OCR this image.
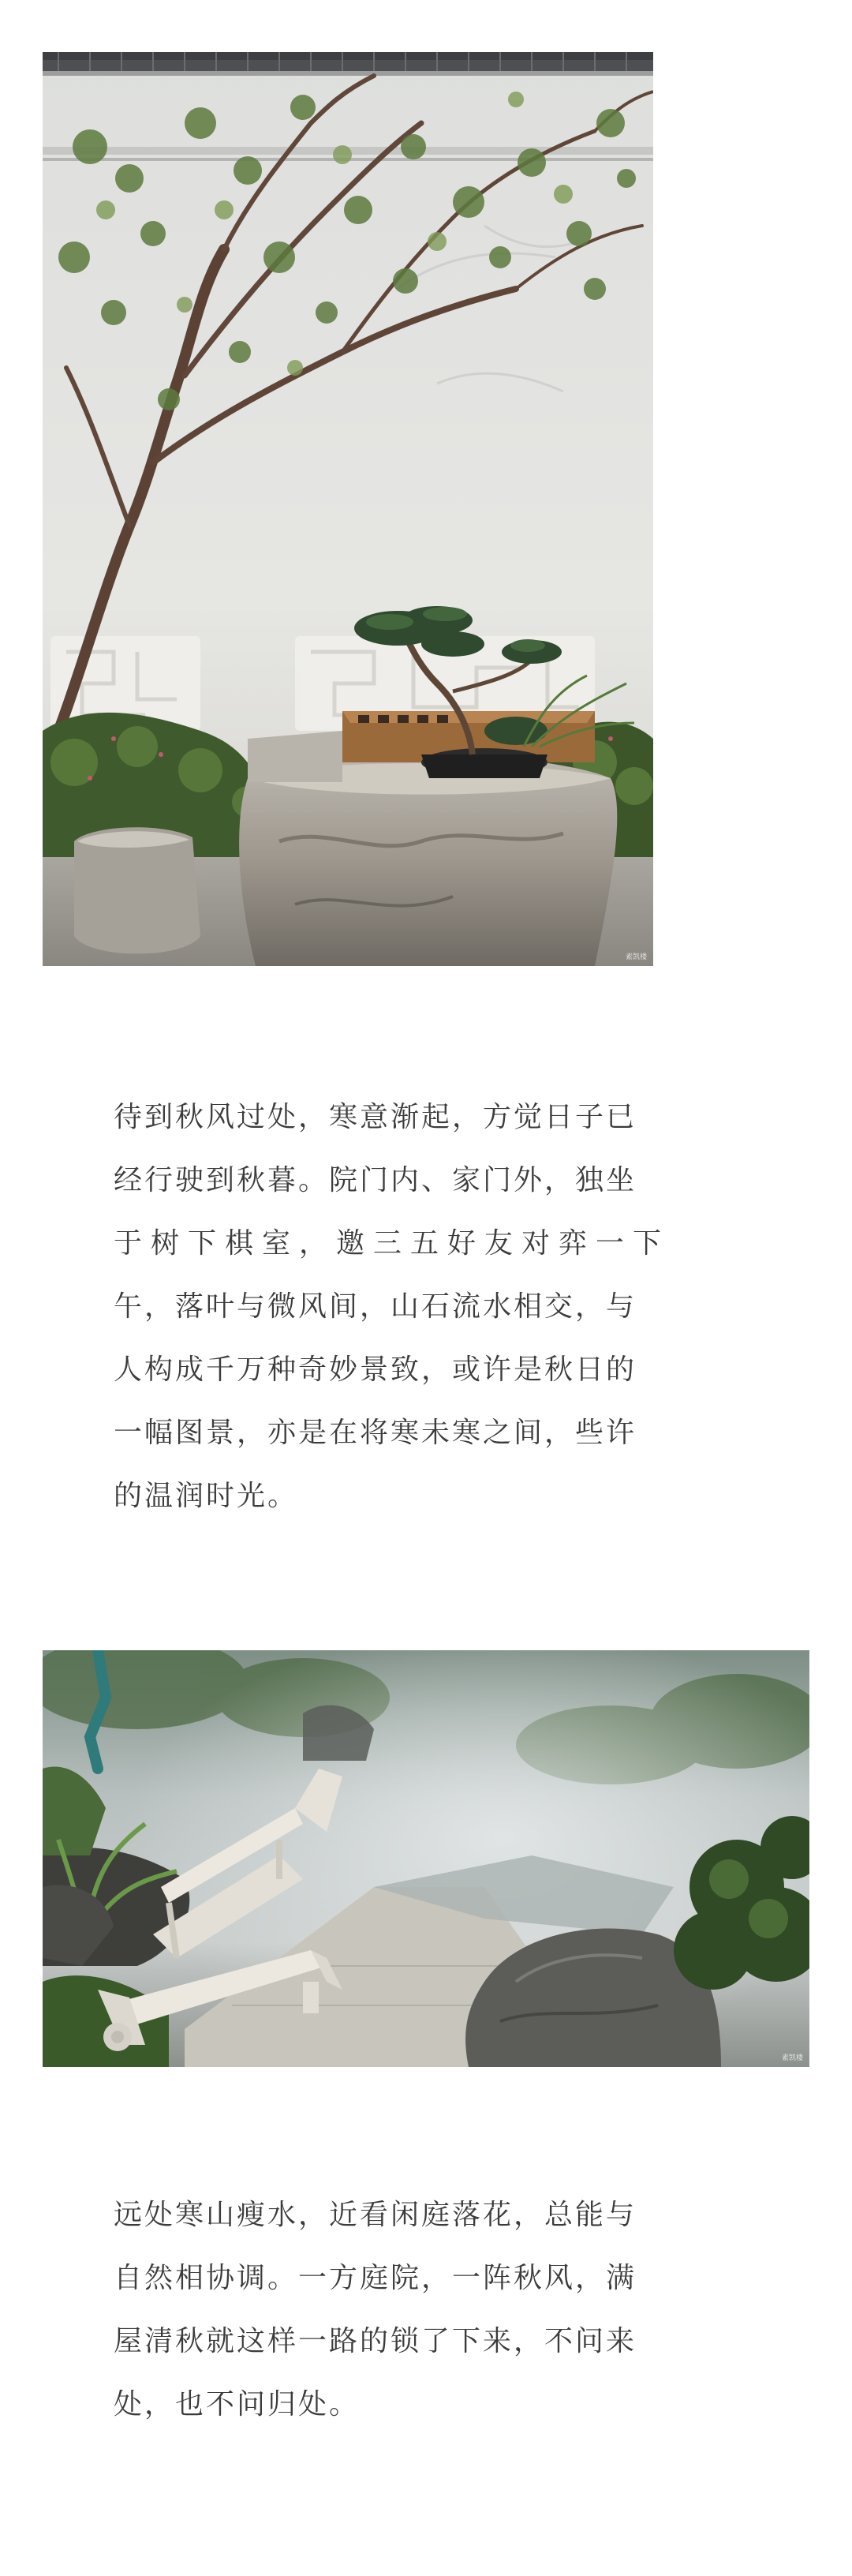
素凯楼
待到秋风过处，寒意渐起，方觉日子已
经行驶到秋暮。院门内、家门外，独坐
于树下棋室，邀三五好友对弈一下
午，落叶与微风间，山石流水相交，与
人构成千万种奇妙景致，或许是秋日的
一幅图景，亦是在将寒未寒之间，些许
的温润时光。
素凯楼
远处寒山瘦水，近看闲庭落花，总能与
自然相协调。一方庭院，一阵秋风，满
屋清秋就这样一路的锁了下来，不问来
处，也不问归处。
